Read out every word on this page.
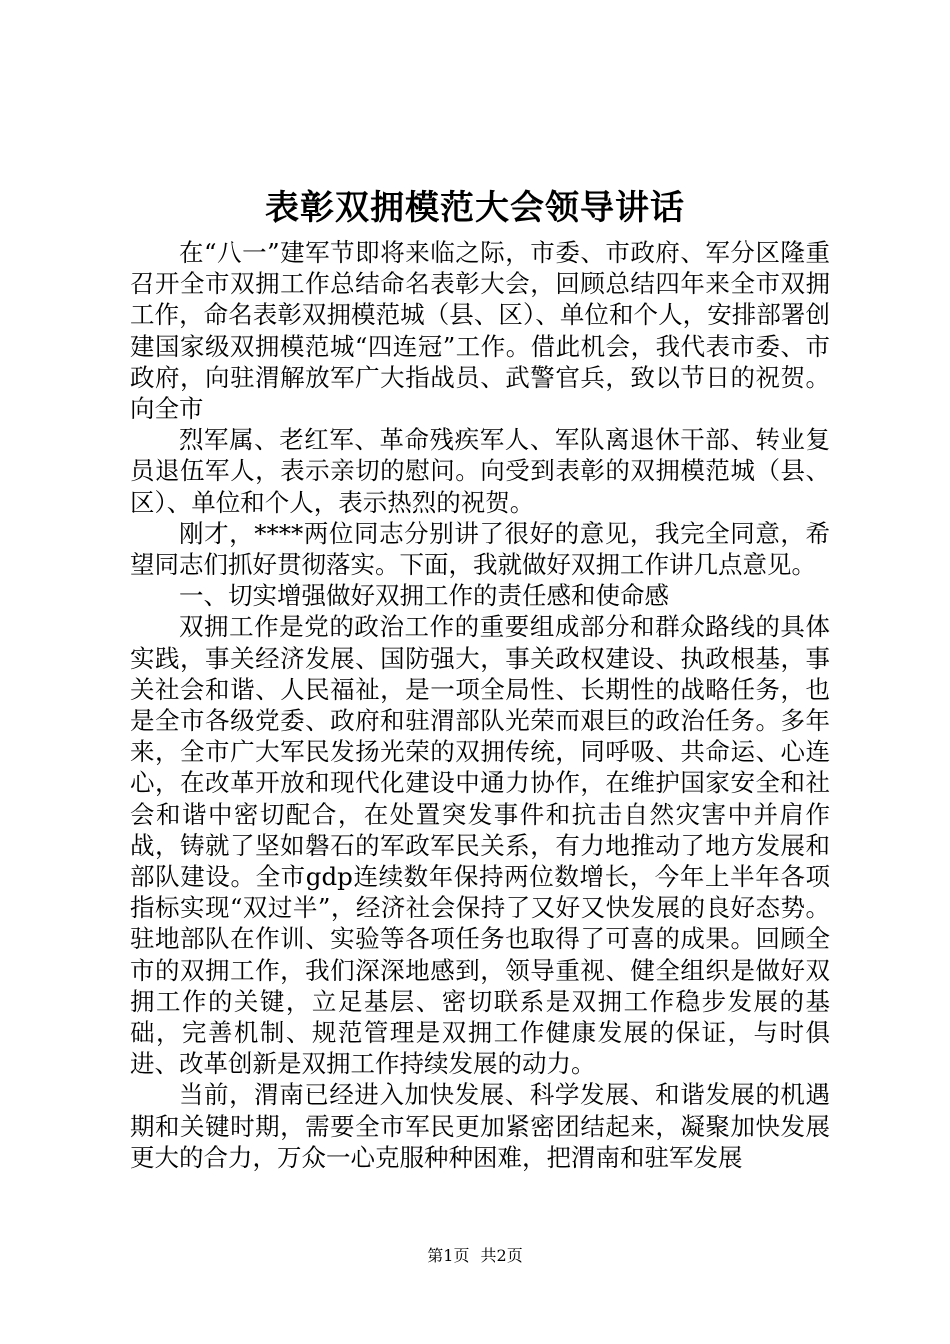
表彰双拥模范大会领导讲话

在“八一”建军节即将来临之际，市委、市政府、军分区隆重召开全市双拥工作总结命名表彰大会，回顾总结四年来全市双拥工作，命名表彰双拥模范城（县、区）、单位和个人，安排部署创建国家级双拥模范城“四连冠”工作。借此机会，我代表市委、市政府，向驻渭解放军广大指战员、武警官兵，致以节日的祝贺。向全市

烈军属、老红军、革命残疾军人、军队离退休干部、转业复员退伍军人，表示亲切的慰问。向受到表彰的双拥模范城（县、区）、单位和个人，表示热烈的祝贺。

刚才，****两位同志分别讲了很好的意见，我完全同意，希望同志们抓好贯彻落实。下面，我就做好双拥工作讲几点意见。

一、切实增强做好双拥工作的责任感和使命感

双拥工作是党的政治工作的重要组成部分和群众路线的具体实践，事关经济发展、国防强大，事关政权建设、执政根基，事关社会和谐、人民福祉，是一项全局性、长期性的战略任务，也是全市各级党委、政府和驻渭部队光荣而艰巨的政治任务。多年来，全市广大军民发扬光荣的双拥传统，同呼吸、共命运、心连心，在改革开放和现代化建设中通力协作，在维护国家安全和社会和谐中密切配合，在处置突发事件和抗击自然灾害中并肩作战，铸就了坚如磐石的军政军民关系，有力地推动了地方发展和部队建设。全市gdp连续数年保持两位数增长，今年上半年各项指标实现“双过半”，经济社会保持了又好又快发展的良好态势。驻地部队在作训、实验等各项任务也取得了可喜的成果。回顾全市的双拥工作，我们深深地感到，领导重视、健全组织是做好双拥工作的关键，立足基层、密切联系是双拥工作稳步发展的基础，完善机制、规范管理是双拥工作健康发展的保证，与时俱进、改革创新是双拥工作持续发展的动力。

当前，渭南已经进入加快发展、科学发展、和谐发展的机遇期和关键时期，需要全市军民更加紧密团结起来，凝聚加快发展更大的合力，万众一心克服种种困难，把渭南和驻军发展

第1页 共2页
